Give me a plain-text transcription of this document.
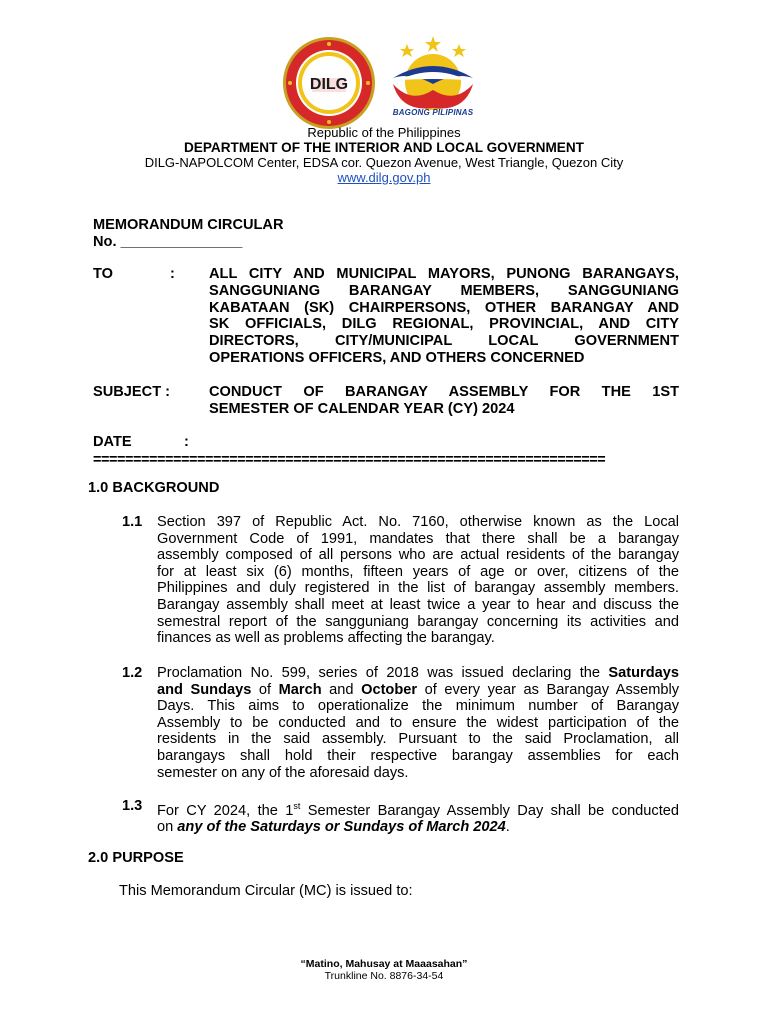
DILG
BAGONG PILIPINAS
Republic of the Philippines
DEPARTMENT OF THE INTERIOR AND LOCAL GOVERNMENT
DILG-NAPOLCOM Center, EDSA cor. Quezon Avenue, West Triangle, Quezon City
www.dilg.gov.ph
MEMORANDUM CIRCULAR
No. _______________
TO	: ALL CITY AND MUNICIPAL MAYORS, PUNONG BARANGAYS,
SANGGUNIANG BARANGAY MEMBERS, SANGGUNIANG
KABATAAN (SK) CHAIRPERSONS, OTHER BARANGAY AND
SK OFFICIALS, DILG REGIONAL, PROVINCIAL, AND CITY
DIRECTORS, CITY/MUNICIPAL LOCAL GOVERNMENT
OPERATIONS OFFICERS, AND OTHERS CONCERNED
SUBJECT :	CONDUCT OF BARANGAY ASSEMBLY FOR THE 1ST
SEMESTER OF CALENDAR YEAR (CY) 2024
DATE	:
================================================================
1.0 BACKGROUND
1.1 Section 397 of Republic Act. No. 7160, otherwise known as the Local
Government Code of 1991, mandates that there shall be a barangay
assembly composed of all persons who are actual residents of the barangay
for at least six (6) months, fifteen years of age or over, citizens of the
Philippines and duly registered in the list of barangay assembly members.
Barangay assembly shall meet at least twice a year to hear and discuss the
semestral report of the sangguniang barangay concerning its activities and
finances as well as problems affecting the barangay.
1.2 Proclamation No. 599, series of 2018 was issued declaring the Saturdays
and Sundays of March and October of every year as Barangay Assembly
Days. This aims to operationalize the minimum number of Barangay
Assembly to be conducted and to ensure the widest participation of the
residents in the said assembly. Pursuant to the said Proclamation, all
barangays shall hold their respective barangay assemblies for each
semester on any of the aforesaid days.
1.3 For CY 2024, the 1st Semester Barangay Assembly Day shall be conducted
on any of the Saturdays or Sundays of March 2024.
2.0 PURPOSE
This Memorandum Circular (MC) is issued to:
“Matino, Mahusay at Maaasahan”
Trunkline No. 8876-34-54
